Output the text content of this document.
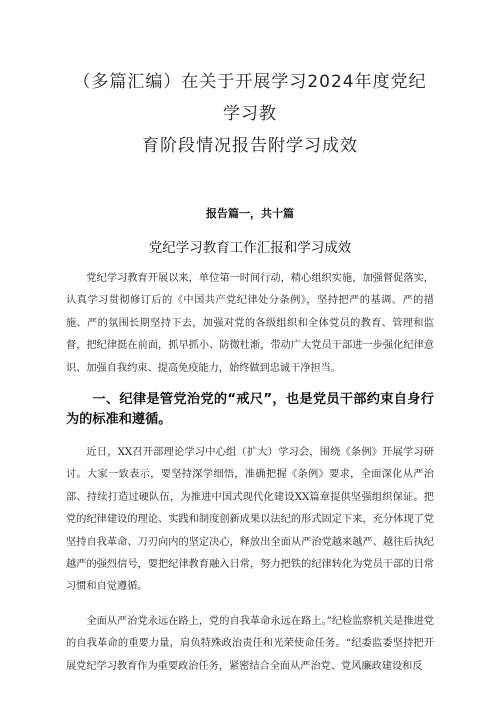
（多篇汇编）在关于开展学习2024年度党纪学习教
育阶段情况报告附学习成效

报告篇一，共十篇

党纪学习教育工作汇报和学习成效

党纪学习教育开展以来，单位第一时间行动，精心组织实施，加强督促落实，认真学习贯彻修订后的《中国共产党纪律处分条例》，坚持把严的基调、严的措施、严的氛围长期坚持下去，加强对党的各级组织和全体党员的教育、管理和监督，把纪律挺在前面，抓早抓小、防微杜渐，带动广大党员干部进一步强化纪律意识、加强自我约束、提高免疫能力，始终做到忠诚干净担当。

一、纪律是管党治党的“戒尺”，也是党员干部约束自身行为的标准和遵循。

近日，XX召开部理论学习中心组（扩大）学习会，围绕《条例》开展学习研讨。大家一致表示，要坚持深学细悟，准确把握《条例》要求，全面深化从严治部、持续打造过硬队伍，为推进中国式现代化建设XX篇章提供坚强组织保证。把党的纪律建设的理论、实践和制度创新成果以法纪的形式固定下来，充分体现了党坚持自我革命、刀刃向内的坚定决心，释放出全面从严治党越来越严、越往后执纪越严的强烈信号，要把纪律教育融入日常，努力把铁的纪律转化为党员干部的日常习惯和自觉遵循。

全面从严治党永远在路上，党的自我革命永远在路上。”纪检监察机关是推进党的自我革命的重要力量，肩负特殊政治责任和光荣使命任务。“纪委监委坚持把开展党纪学习教育作为重要政治任务，紧密结合全面从严治党、党风廉政建设和反
